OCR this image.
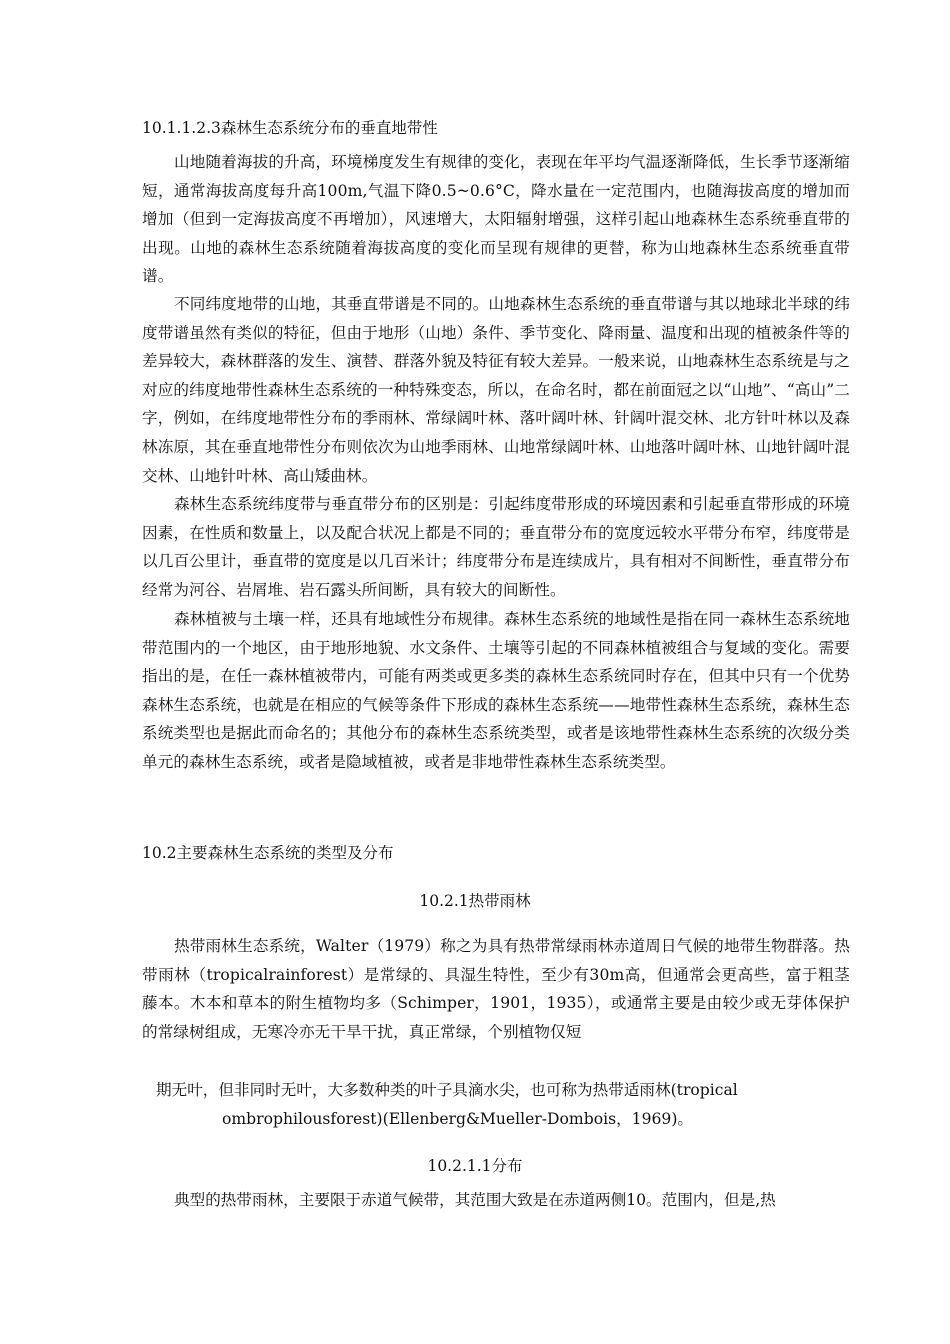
10.1.1.2.3森林生态系统分布的垂直地带性

山地随着海拔的升高，环境梯度发生有规律的变化，表现在年平均气温逐渐降低，生长季节逐渐缩短，通常海拔高度每升高100m,气温下降0.5~0.6°C，降水量在一定范围内，也随海拔高度的增加而增加（但到一定海拔高度不再增加），风速增大，太阳辐射增强，这样引起山地森林生态系统垂直带的出现。山地的森林生态系统随着海拔高度的变化而呈现有规律的更替，称为山地森林生态系统垂直带谱。

不同纬度地带的山地，其垂直带谱是不同的。山地森林生态系统的垂直带谱与其以地球北半球的纬度带谱虽然有类似的特征，但由于地形（山地）条件、季节变化、降雨量、温度和出现的植被条件等的差异较大，森林群落的发生、演替、群落外貌及特征有较大差异。一般来说，山地森林生态系统是与之对应的纬度地带性森林生态系统的一种特殊变态，所以，在命名时，都在前面冠之以“山地”、“高山”二字，例如，在纬度地带性分布的季雨林、常绿阔叶林、落叶阔叶林、针阔叶混交林、北方针叶林以及森林冻原，其在垂直地带性分布则依次为山地季雨林、山地常绿阔叶林、山地落叶阔叶林、山地针阔叶混交林、山地针叶林、高山矮曲林。

森林生态系统纬度带与垂直带分布的区别是：引起纬度带形成的环境因素和引起垂直带形成的环境因素，在性质和数量上，以及配合状况上都是不同的；垂直带分布的宽度远较水平带分布窄，纬度带是以几百公里计，垂直带的宽度是以几百米计；纬度带分布是连续成片，具有相对不间断性，垂直带分布经常为河谷、岩屑堆、岩石露头所间断，具有较大的间断性。

森林植被与土壤一样，还具有地域性分布规律。森林生态系统的地域性是指在同一森林生态系统地带范围内的一个地区，由于地形地貌、水文条件、土壤等引起的不同森林植被组合与复域的变化。需要指出的是，在任一森林植被带内，可能有两类或更多类的森林生态系统同时存在，但其中只有一个优势森林生态系统，也就是在相应的气候等条件下形成的森林生态系统——地带性森林生态系统，森林生态系统类型也是据此而命名的；其他分布的森林生态系统类型，或者是该地带性森林生态系统的次级分类单元的森林生态系统，或者是隐域植被，或者是非地带性森林生态系统类型。

10.2主要森林生态系统的类型及分布
10.2.1热带雨林

热带雨林生态系统，Walter（1979）称之为具有热带常绿雨林赤道周日气候的地带生物群落。热带雨林（tropicalrainforest）是常绿的、具湿生特性，至少有30m高，但通常会更高些，富于粗茎藤本。木本和草本的附生植物均多（Schimper，1901，1935），或通常主要是由较少或无芽体保护的常绿树组成，无寒冷亦无干旱干扰，真正常绿，个别植物仅短

期无叶，但非同时无叶，大多数种类的叶子具滴水尖，也可称为热带适雨林(tropical
ombrophilousforest)(Ellenberg&Mueller-Dombois，1969)。

10.2.1.1分布

典型的热带雨林，主要限于赤道气候带，其范围大致是在赤道两侧10。范围内，但是,热
